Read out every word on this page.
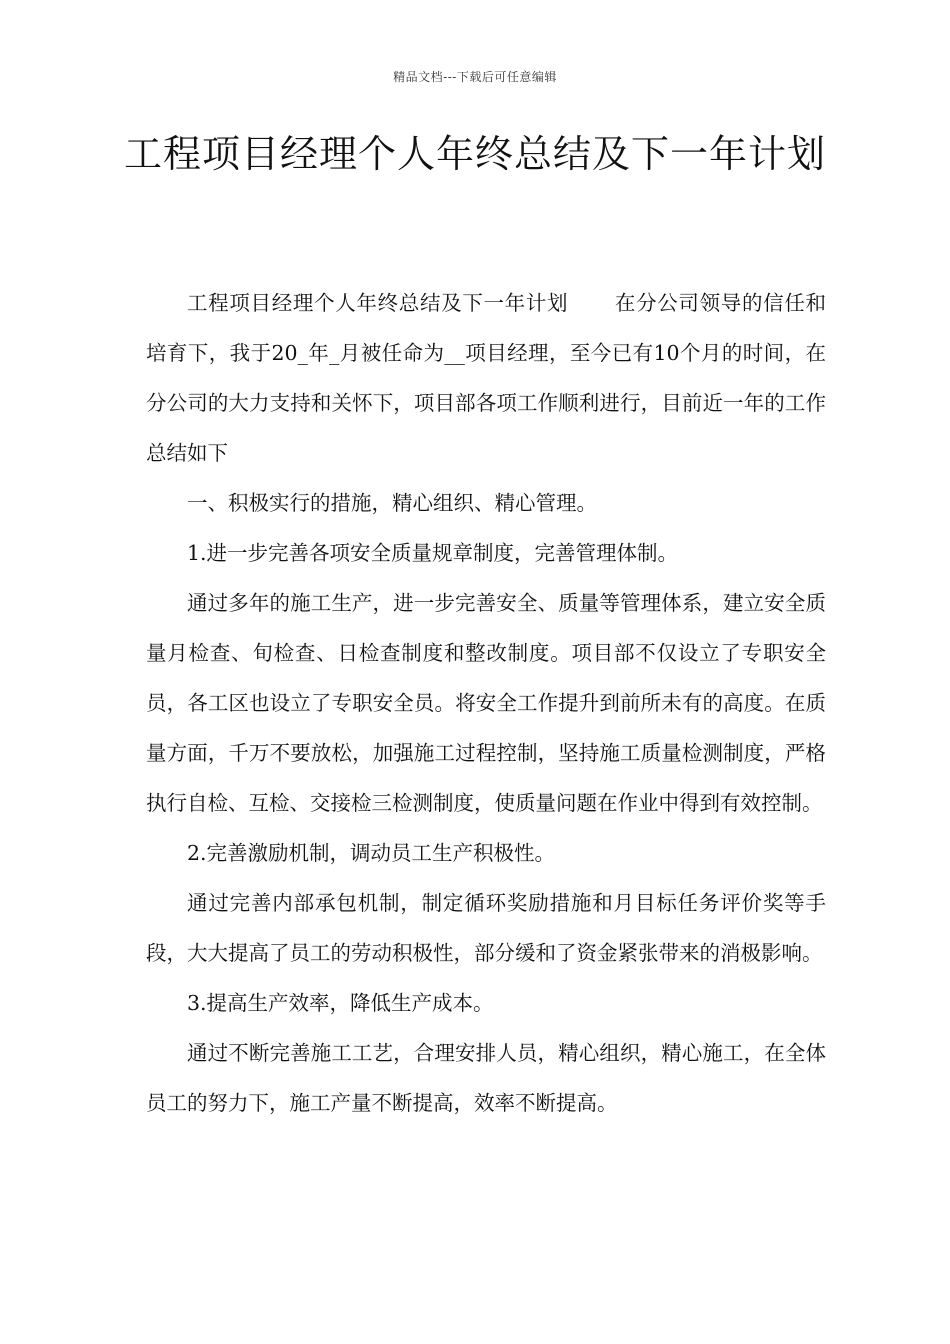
精品文档---下载后可任意编辑
工程项目经理个人年终总结及下一年计划

工程项目经理个人年终总结及下一年计划 在分公司领导的信任和培育下，我于20_年_月被任命为__项目经理，至今已有10个月的时间，在分公司的大力支持和关怀下，项目部各项工作顺利进行，目前近一年的工作总结如下

一、积极实行的措施，精心组织、精心管理。

1.进一步完善各项安全质量规章制度，完善管理体制。

通过多年的施工生产，进一步完善安全、质量等管理体系，建立安全质量月检查、旬检查、日检查制度和整改制度。项目部不仅设立了专职安全员，各工区也设立了专职安全员。将安全工作提升到前所未有的高度。在质量方面，千万不要放松，加强施工过程控制，坚持施工质量检测制度，严格执行自检、互检、交接检三检测制度，使质量问题在作业中得到有效控制。

2.完善激励机制，调动员工生产积极性。

通过完善内部承包机制，制定循环奖励措施和月目标任务评价奖等手段，大大提高了员工的劳动积极性，部分缓和了资金紧张带来的消极影响。

3.提高生产效率，降低生产成本。

通过不断完善施工工艺，合理安排人员，精心组织，精心施工，在全体员工的努力下，施工产量不断提高，效率不断提高。
